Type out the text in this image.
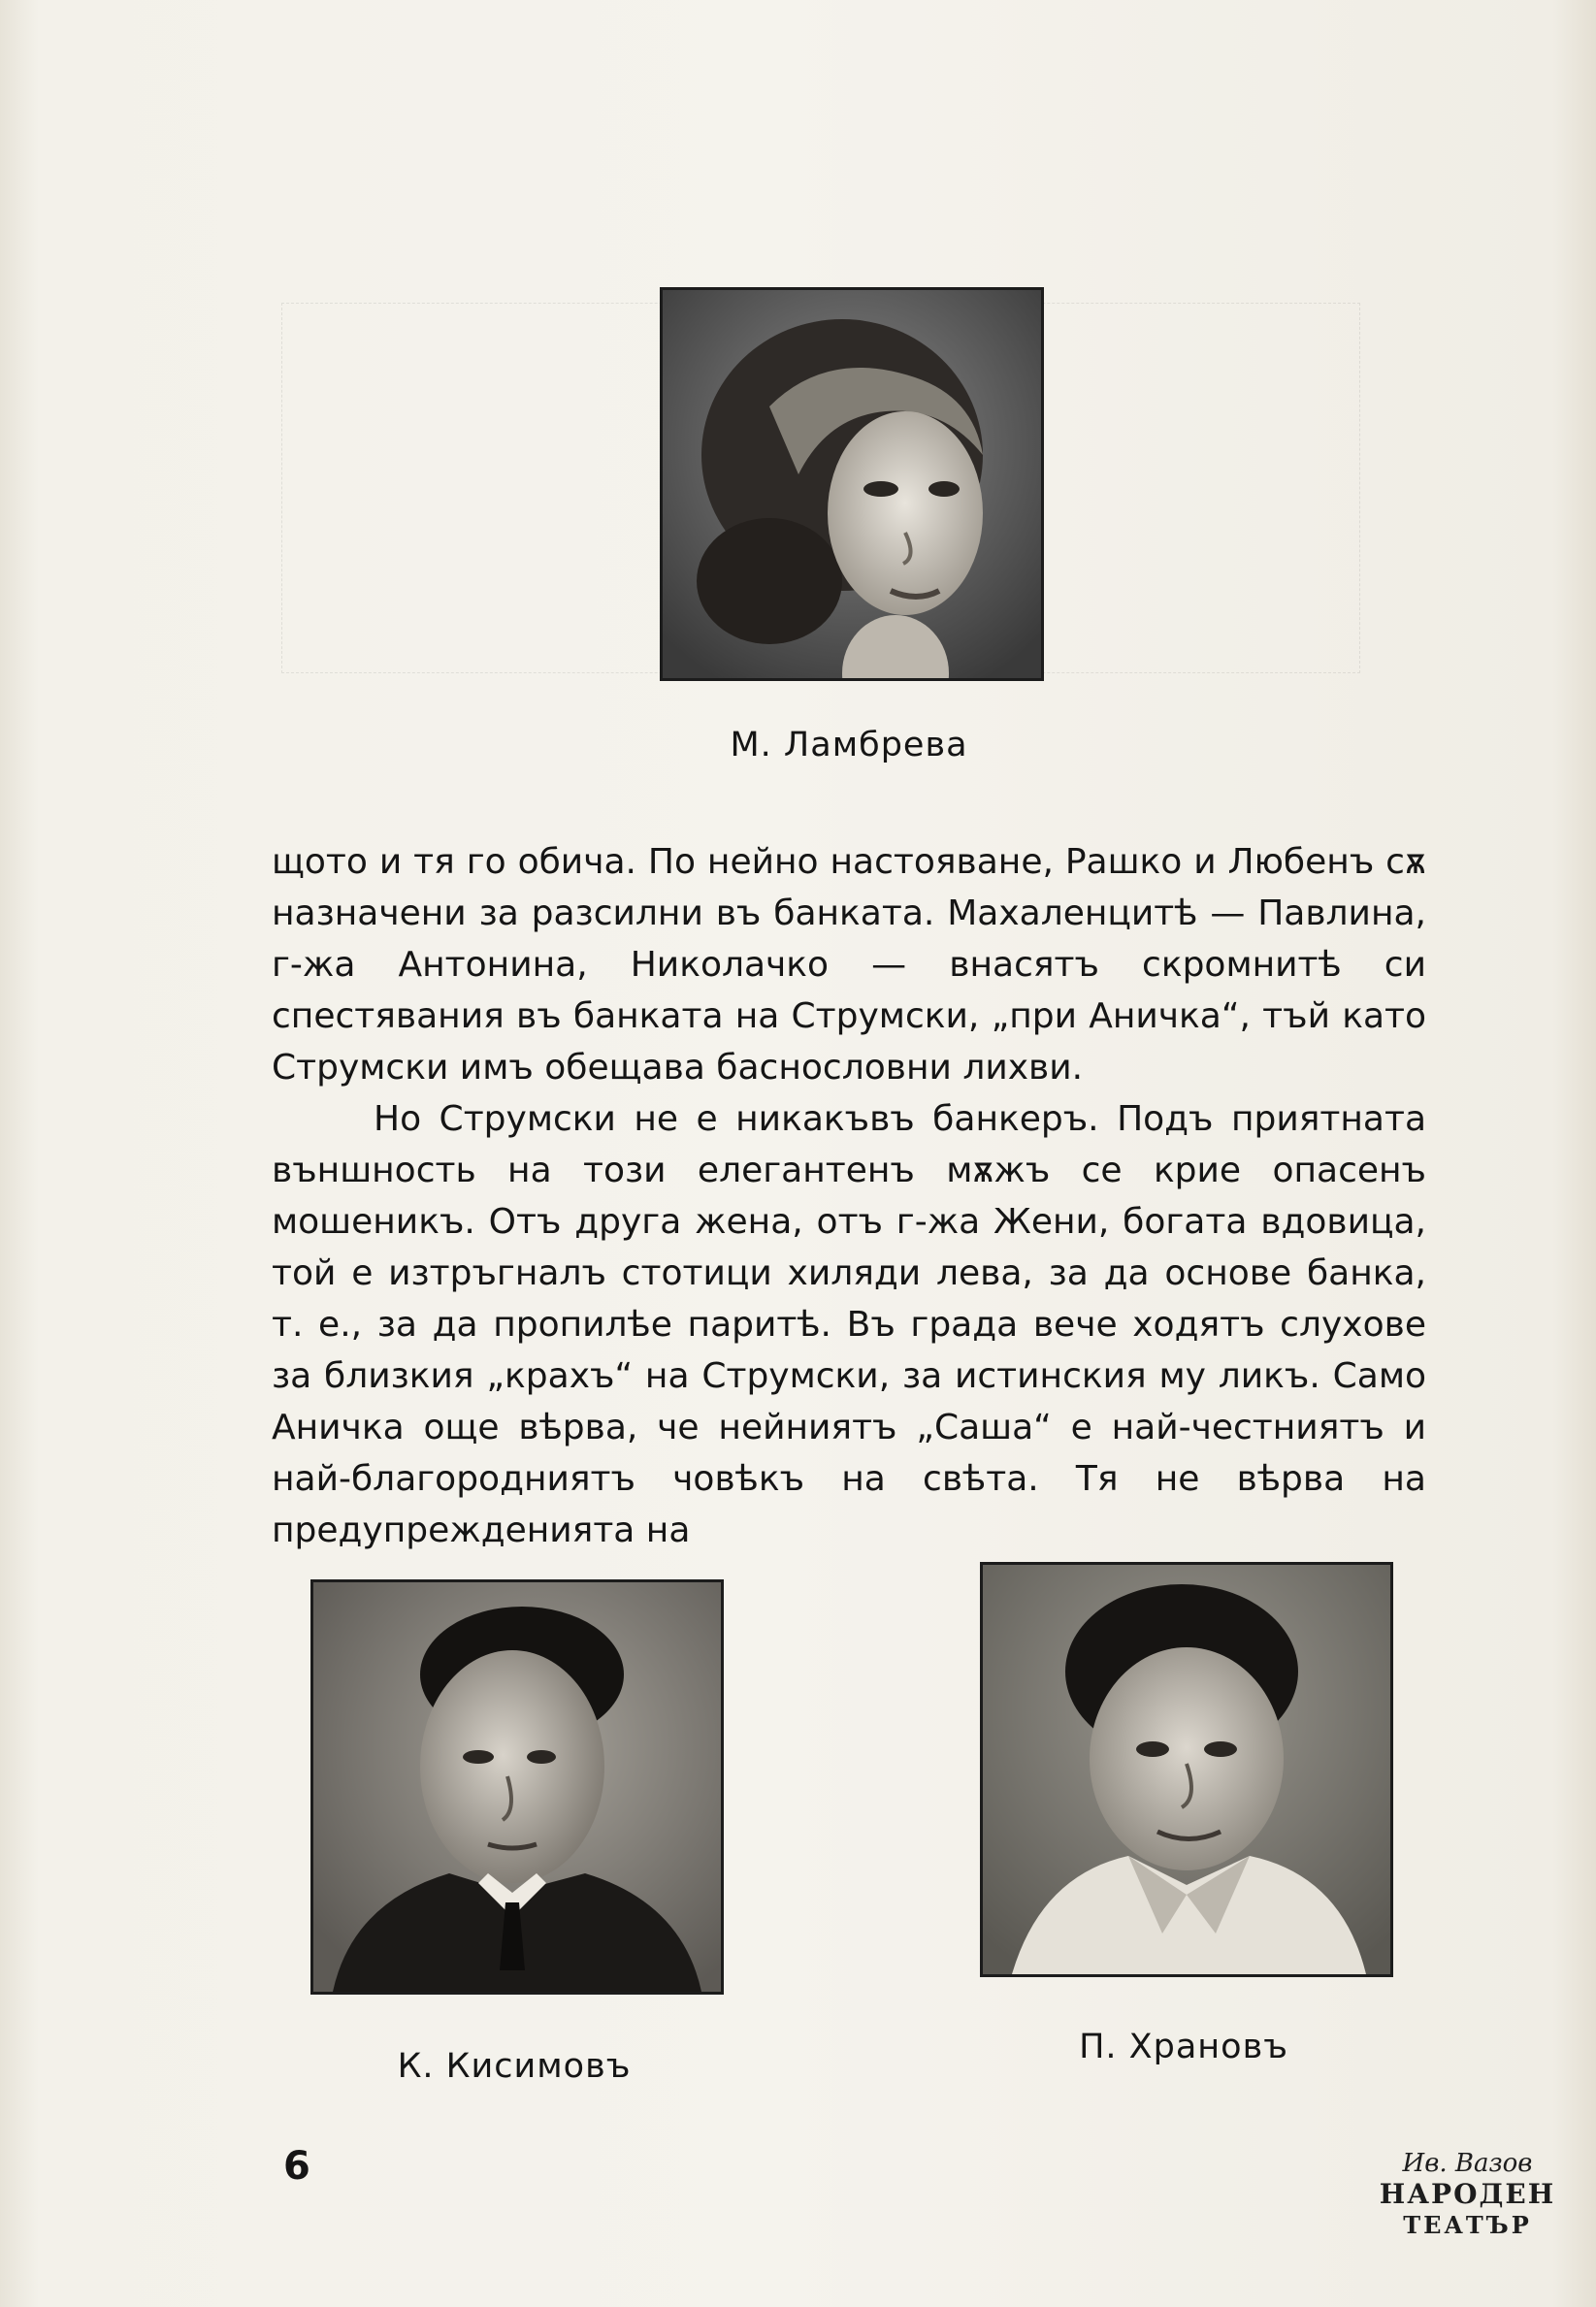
М. Ламбрева

щото и тя го обича. По нейно настояване, Рашко и Любенъ сѫ назначени за разсилни въ банката. Махаленцитѣ — Павлина, г-жа Антонина, Николачко — внасятъ скромнитѣ си спестявания въ банката на Струмски, „при Аничка“, тъй като Струмски имъ обещава баснословни лихви.

Но Струмски не е никакъвъ банкеръ. Подъ приятната външность на този елегантенъ мѫжъ се крие опасенъ мошеникъ. Отъ друга жена, отъ г-жа Жени, богата вдовица, той е изтръгналъ стотици хиляди лева, за да основе банка, т. е., за да пропилѣе паритѣ. Въ града вече ходятъ слухове за близкия „крахъ“ на Струмски, за истинския му ликъ. Само Аничка още вѣрва, че нейниятъ „Саша“ е най-честниятъ и най-благородниятъ човѣкъ на свѣта. Тя не вѣрва на предупрежденията на

К. Кисимовъ	П. Храновъ
6	Ив. Вазов
НАРОДЕН
ТЕАТЪР
